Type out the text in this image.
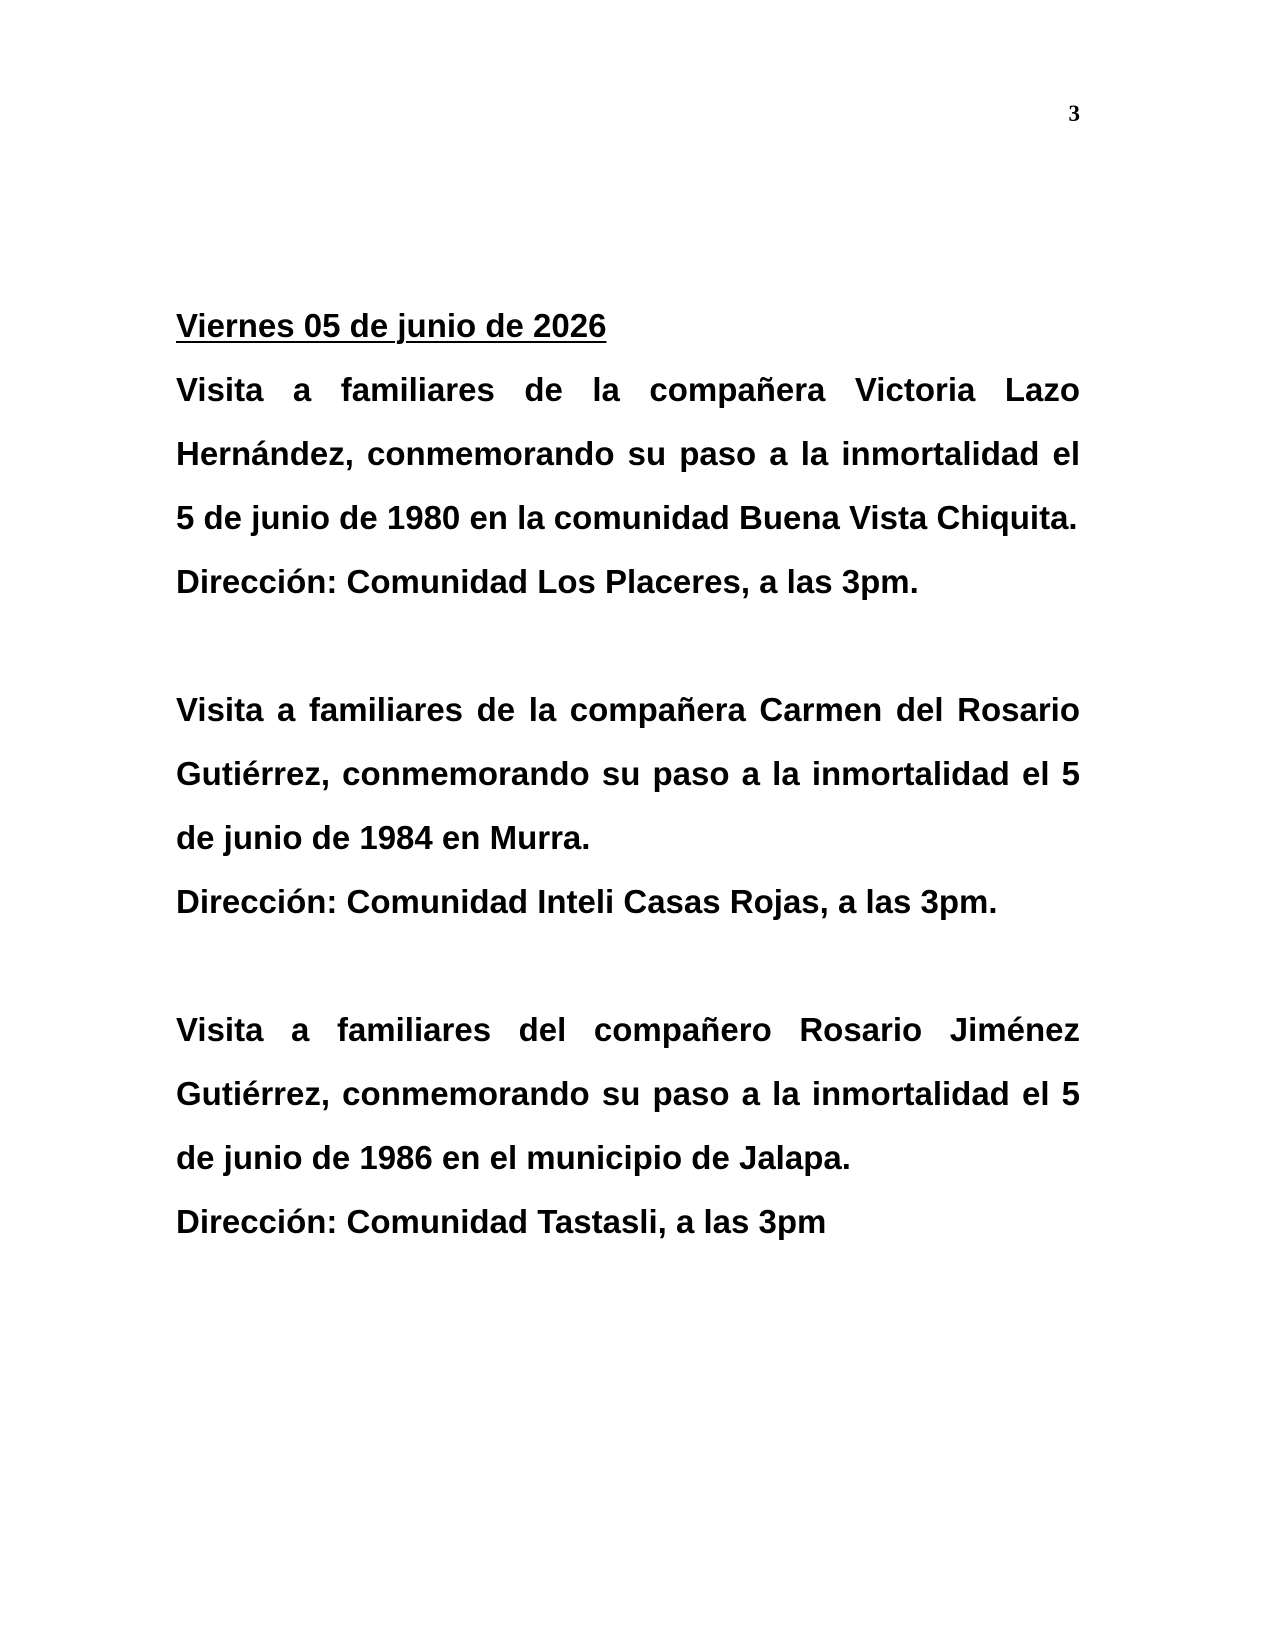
3
Viernes 05 de junio de 2026

Visita a familiares de la compañera Victoria Lazo Hernández, conmemorando su paso a la inmortalidad el 5 de junio de 1980 en la comunidad Buena Vista Chiquita.

Dirección: Comunidad Los Placeres, a las 3pm.

Visita a familiares de la compañera Carmen del Rosario Gutiérrez, conmemorando su paso a la inmortalidad el 5 de junio de 1984 en Murra.

Dirección: Comunidad Inteli Casas Rojas, a las 3pm.

Visita a familiares del compañero Rosario Jiménez Gutiérrez, conmemorando su paso a la inmortalidad el 5 de junio de 1986 en el municipio de Jalapa.

Dirección: Comunidad Tastasli, a las 3pm
